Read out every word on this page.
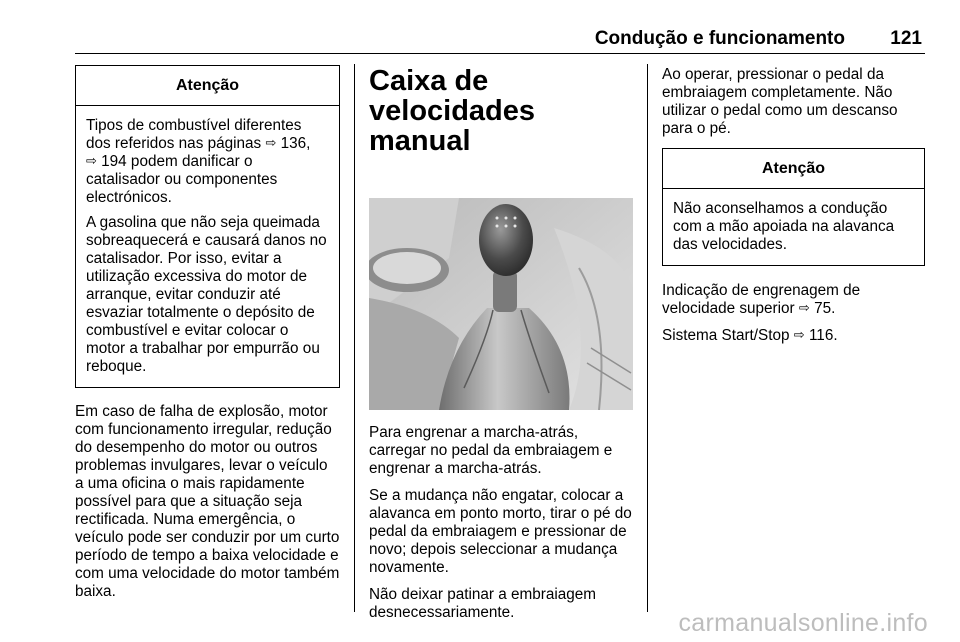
Condução e funcionamento 121
Atenção

Tipos de combustível diferentes dos referidos nas páginas ⇨ 136,
⇨ 194 podem danificar o catalisador ou componentes electrónicos.

A gasolina que não seja queimada sobreaquecerá e causará danos no catalisador. Por isso, evitar a utilização excessiva do motor de arranque, evitar conduzir até esvaziar totalmente o depósito de combustível e evitar colocar o motor a trabalhar por empurrão ou reboque.

Em caso de falha de explosão, motor com funcionamento irregular, redução do desempenho do motor ou outros problemas invulgares, levar o veículo a uma oficina o mais rapidamente possível para que a situação seja rectificada. Numa emergência, o veículo pode ser conduzir por um curto período de tempo a baixa velocidade e com uma velocidade do motor também baixa.

Caixa de velocidades manual

Para engrenar a marcha-atrás, carregar no pedal da embraiagem e engrenar a marcha-atrás.

Se a mudança não engatar, colocar a alavanca em ponto morto, tirar o pé do pedal da embraiagem e pressionar de novo; depois seleccionar a mudança novamente.

Não deixar patinar a embraiagem desnecessariamente.

Ao operar, pressionar o pedal da embraiagem completamente. Não utilizar o pedal como um descanso para o pé.

Atenção

Não aconselhamos a condução com a mão apoiada na alavanca das velocidades.

Indicação de engrenagem de velocidade superior ⇨ 75.

Sistema Start/Stop ⇨ 116.

carmanualsonline.info
